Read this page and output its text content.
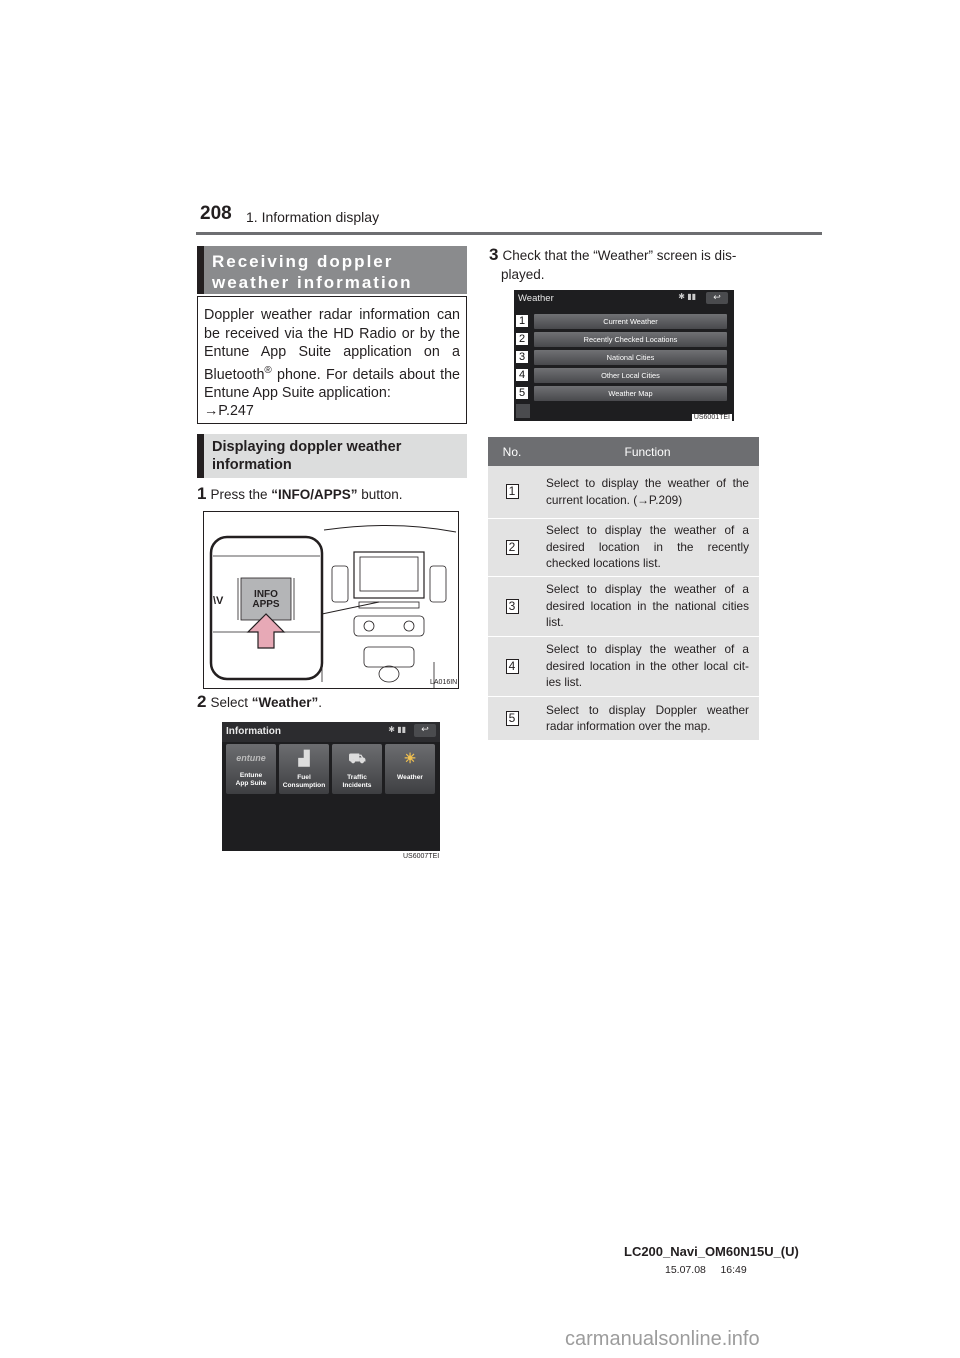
208 1. Information display
Receiving doppler
weather information
Doppler weather radar information can be received via the HD Radio or by the Entune App Suite application on a Bluetooth® phone. For details about the Entune App Suite application:
→P.247
Displaying doppler weather
information
1 Press the “INFO/APPS” button.
\V
INFO
APPS
LA016IN
2 Select “Weather”.
Information	✱ ▮▮	↩
entune
Entune
App Suite
▟
Fuel Consumption
⛟
Traffic Incidents
☀
Weather
US6007TEI
3 Check that the “Weather” screen is dis-
played.
Weather	✱ ▮▮	↩
Current Weather
Recently Checked Locations
National Cities
Other Local Cities
Weather Map
1
2
3
4
5
US6001TEI
No.	Function
1	Select to display the weather of the current location. (→P.209)
2	Select to display the weather of a desired location in the recently checked locations list.
3	Select to display the weather of a desired location in the national cities list.
4	Select to display the weather of a desired location in the other local cit-ies list.
5	Select to display Doppler weather radar information over the map.
LC200_Navi_OM60N15U_(U)
15.07.08     16:49
carmanualsonline.info
